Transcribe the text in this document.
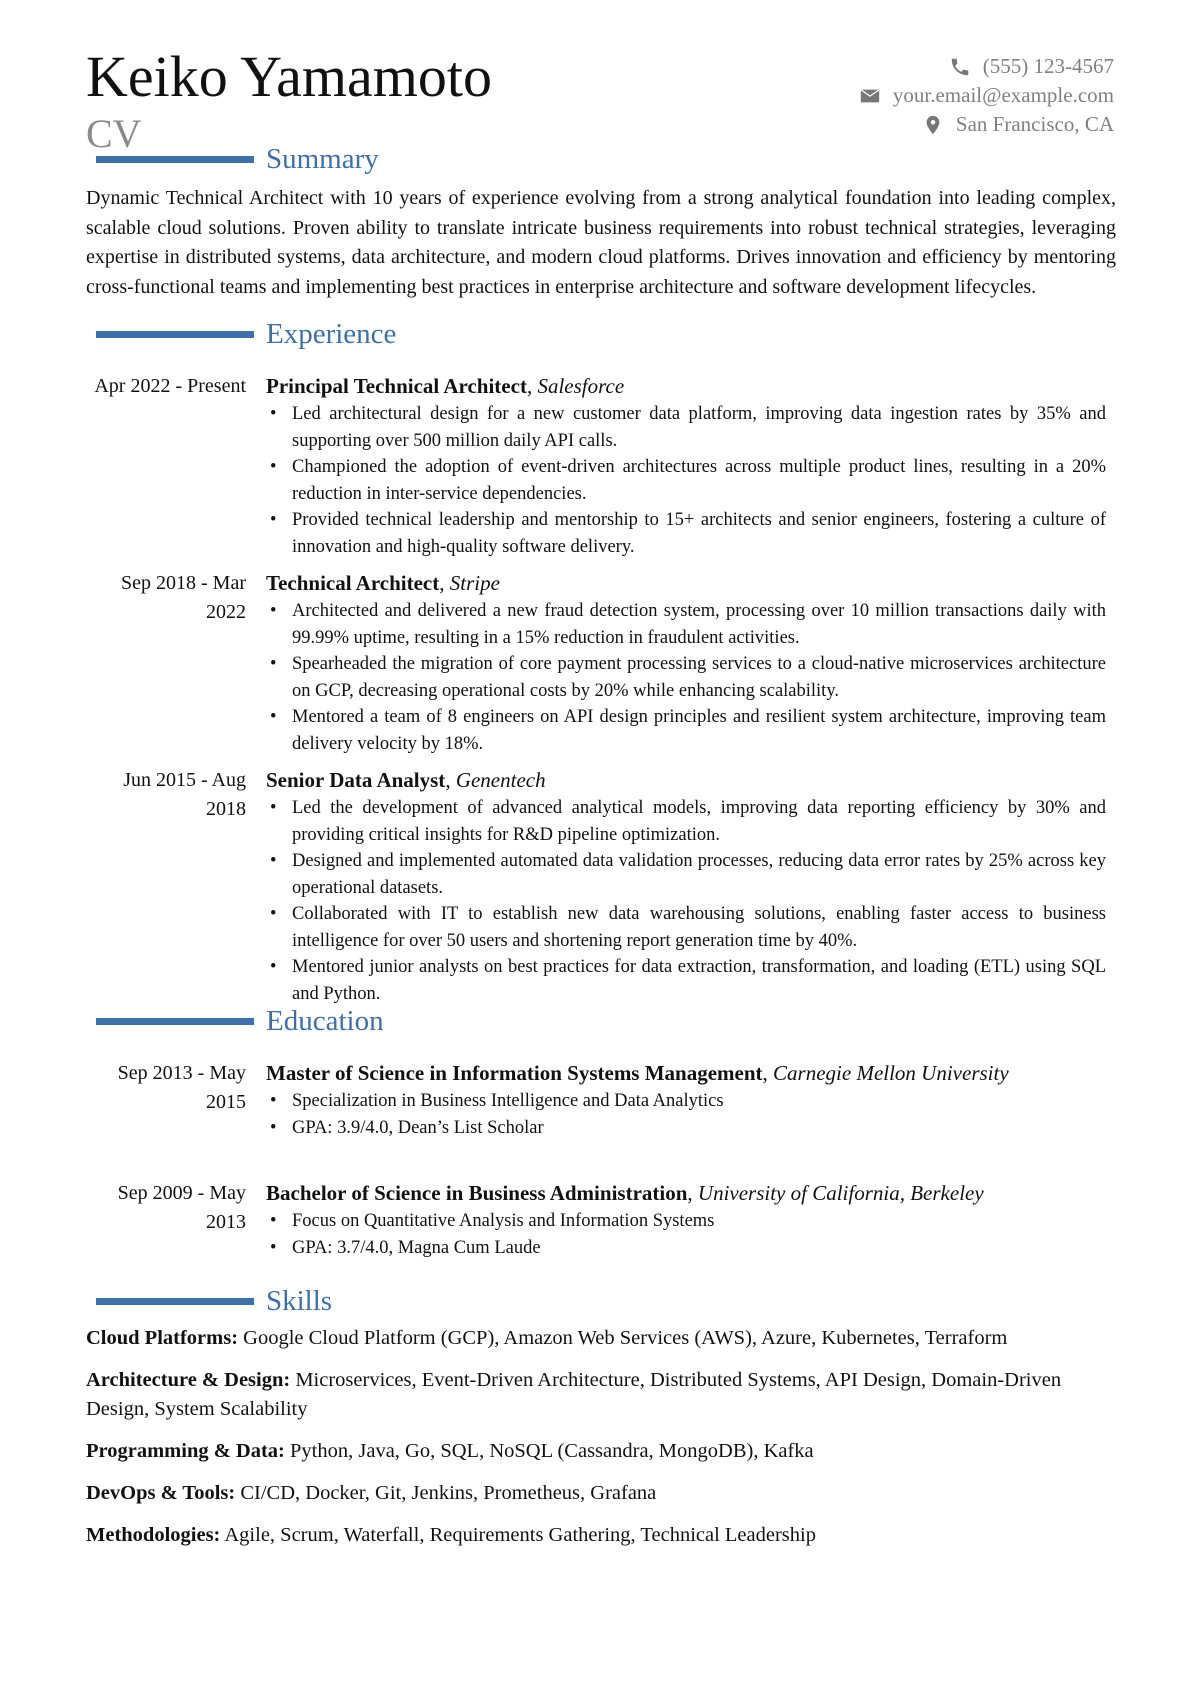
Keiko Yamamoto
CV
(555) 123-4567
your.email@example.com
San Francisco, CA
Summary
Dynamic Technical Architect with 10 years of experience evolving from a strong analytical foundation into leading complex, scalable cloud solutions. Proven ability to translate intricate business requirements into robust technical strategies, leveraging expertise in distributed systems, data architecture, and modern cloud platforms. Drives innovation and efficiency by mentoring cross-functional teams and implementing best practices in enterprise architecture and software development lifecycles.
Experience
Apr 2022 - Present Principal Technical Architect, Salesforce
• Led architectural design for a new customer data platform, improving data ingestion rates by 35% and supporting over 500 million daily API calls.
• Championed the adoption of event-driven architectures across multiple product lines, resulting in a 20% reduction in inter-service dependencies.
• Provided technical leadership and mentorship to 15+ architects and senior engineers, fostering a culture of innovation and high-quality software delivery.
Sep 2018 - Mar 2022
Technical Architect, Stripe
• Architected and delivered a new fraud detection system, processing over 10 million transactions daily with 99.99% uptime, resulting in a 15% reduction in fraudulent activities.
• Spearheaded the migration of core payment processing services to a cloud-native microservices architecture on GCP, decreasing operational costs by 20% while enhancing scalability.
• Mentored a team of 8 engineers on API design principles and resilient system architecture, improving team delivery velocity by 18%.
Jun 2015 - Aug 2018
Senior Data Analyst, Genentech
• Led the development of advanced analytical models, improving data reporting efficiency by 30% and providing critical insights for R&D pipeline optimization.
• Designed and implemented automated data validation processes, reducing data error rates by 25% across key operational datasets.
• Collaborated with IT to establish new data warehousing solutions, enabling faster access to business intelligence for over 50 users and shortening report generation time by 40%.
• Mentored junior analysts on best practices for data extraction, transformation, and loading (ETL) using SQL and Python.
Education
Sep 2013 - May 2015
Master of Science in Information Systems Management, Carnegie Mellon University
• Specialization in Business Intelligence and Data Analytics
• GPA: 3.9/4.0, Dean’s List Scholar
Sep 2009 - May 2013
Bachelor of Science in Business Administration, University of California, Berkeley
• Focus on Quantitative Analysis and Information Systems
• GPA: 3.7/4.0, Magna Cum Laude
Skills
Cloud Platforms: Google Cloud Platform (GCP), Amazon Web Services (AWS), Azure, Kubernetes, Terraform
Architecture & Design: Microservices, Event-Driven Architecture, Distributed Systems, API Design, Domain-Driven Design, System Scalability
Programming & Data: Python, Java, Go, SQL, NoSQL (Cassandra, MongoDB), Kafka
DevOps & Tools: CI/CD, Docker, Git, Jenkins, Prometheus, Grafana
Methodologies: Agile, Scrum, Waterfall, Requirements Gathering, Technical Leadership
